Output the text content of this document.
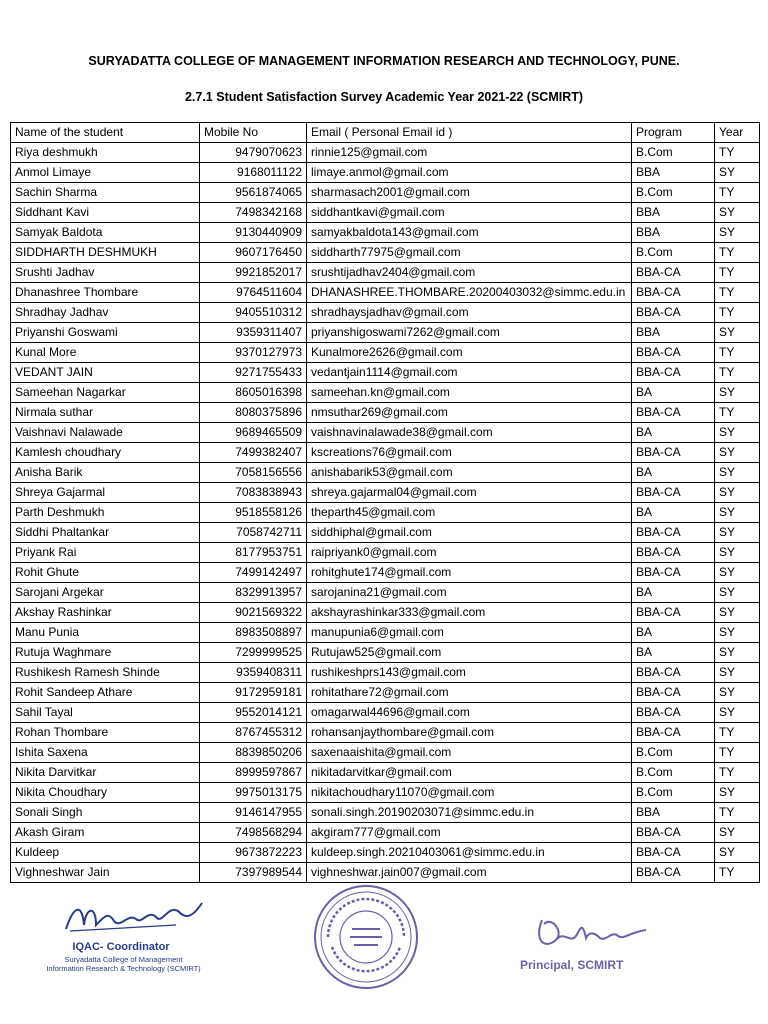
SURYADATTA COLLEGE OF MANAGEMENT INFORMATION RESEARCH AND TECHNOLOGY, PUNE.
2.7.1 Student Satisfaction Survey Academic Year 2021-22 (SCMIRT)
Name of the student	Mobile No	Email ( Personal Email id )	Program	Year
Riya deshmukh	9479070623	rinnie125@gmail.com	B.Com	TY
Anmol Limaye	9168011122	limaye.anmol@gmail.com	BBA	SY
Sachin Sharma	9561874065	sharmasach2001@gmail.com	B.Com	TY
Siddhant Kavi	7498342168	siddhantkavi@gmail.com	BBA	SY
Samyak Baldota	9130440909	samyakbaldota143@gmail.com	BBA	SY
SIDDHARTH DESHMUKH	9607176450	siddharth77975@gmail.com	B.Com	TY
Srushti Jadhav	9921852017	srushtijadhav2404@gmail.com	BBA-CA	TY
Dhanashree Thombare	9764511604	DHANASHREE.THOMBARE.20200403032@simmc.edu.in	BBA-CA	TY
Shradhay Jadhav	9405510312	shradhaysjadhav@gmail.com	BBA-CA	TY
Priyanshi Goswami	9359311407	priyanshigoswami7262@gmail.com	BBA	SY
Kunal More	9370127973	Kunalmore2626@gmail.com	BBA-CA	TY
VEDANT JAIN	9271755433	vedantjain1114@gmail.com	BBA-CA	TY
Sameehan Nagarkar	8605016398	sameehan.kn@gmail.com	BA	SY
Nirmala suthar	8080375896	nmsuthar269@gmail.com	BBA-CA	TY
Vaishnavi Nalawade	9689465509	vaishnavinalawade38@gmail.com	BA	SY
Kamlesh choudhary	7499382407	kscreations76@gmail.com	BBA-CA	SY
Anisha Barik	7058156556	anishabarik53@gmail.com	BA	SY
Shreya Gajarmal	7083838943	shreya.gajarmal04@gmail.com	BBA-CA	SY
Parth Deshmukh	9518558126	theparth45@gmail.com	BA	SY
Siddhi Phaltankar	7058742711	siddhiphal@gmail.com	BBA-CA	SY
Priyank Rai	8177953751	raipriyank0@gmail.com	BBA-CA	SY
Rohit Ghute	7499142497	rohitghute174@gmail.com	BBA-CA	SY
Sarojani Argekar	8329913957	sarojanina21@gmail.com	BA	SY
Akshay Rashinkar	9021569322	akshayrashinkar333@gmail.com	BBA-CA	SY
Manu Punia	8983508897	manupunia6@gmail.com	BA	SY
Rutuja Waghmare	7299999525	Rutujaw525@gmail.com	BA	SY
Rushikesh Ramesh Shinde	9359408311	rushikeshprs143@gmail.com	BBA-CA	SY
Rohit Sandeep Athare	9172959181	rohitathare72@gmail.com	BBA-CA	SY
Sahil Tayal	9552014121	omagarwal44696@gmail.com	BBA-CA	SY
Rohan Thombare	8767455312	rohansanjaythombare@gmail.com	BBA-CA	TY
Ishita Saxena	8839850206	saxenaaishita@gmail.com	B.Com	TY
Nikita Darvitkar	8999597867	nikitadarvitkar@gmail.com	B.Com	TY
Nikita Choudhary	9975013175	nikitachoudhary11070@gmail.com	B.Com	SY
Sonali Singh	9146147955	sonali.singh.20190203071@simmc.edu.in	BBA	TY
Akash Giram	7498568294	akgiram777@gmail.com	BBA-CA	SY
Kuldeep	9673872223	kuldeep.singh.20210403061@simmc.edu.in	BBA-CA	SY
Vighneshwar Jain	7397989544	vighneshwar.jain007@gmail.com	BBA-CA	TY
IQAC- Coordinator
Suryadatta College of Management
Information Research & Technology (SCMIRT)	Principal, SCMIRT
